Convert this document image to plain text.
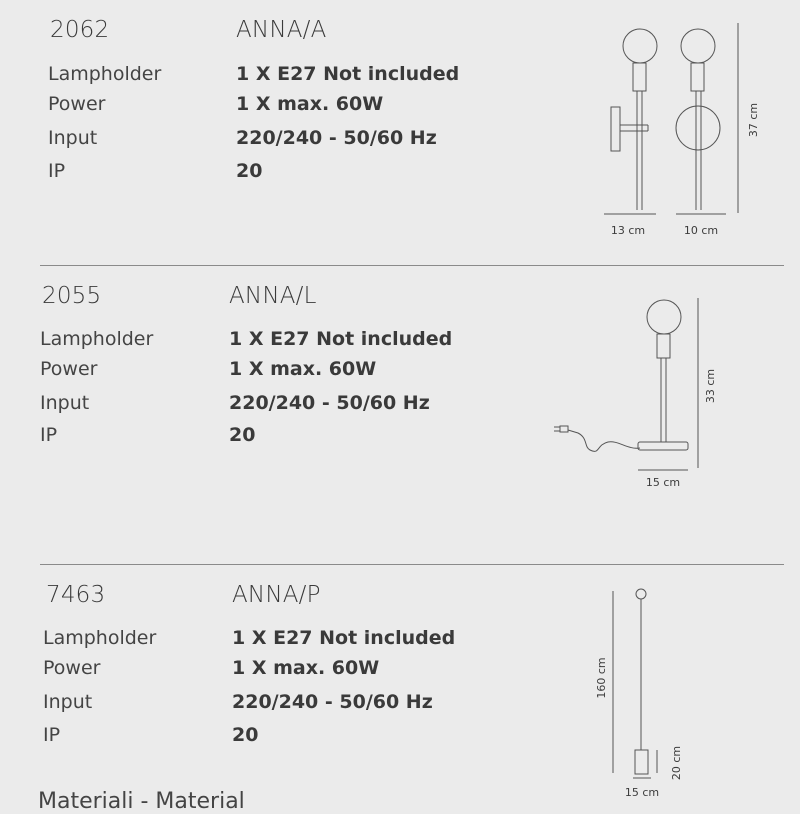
2062	ANNA/A
Lampholder	1 X E27 Not included
Power	1 X max. 60W
Input	220/240 - 50/60 Hz
IP	20
37 cm
13 cm	10 cm
2055	ANNA/L
Lampholder	1 X E27 Not included
Power	1 X max. 60W
Input	220/240 - 50/60 Hz
IP	20
33 cm
15 cm
7463	ANNA/P
Lampholder	1 X E27 Not included
Power	1 X max. 60W
Input	220/240 - 50/60 Hz
IP	20
160 cm
20 cm
15 cm
Materiali - Material
